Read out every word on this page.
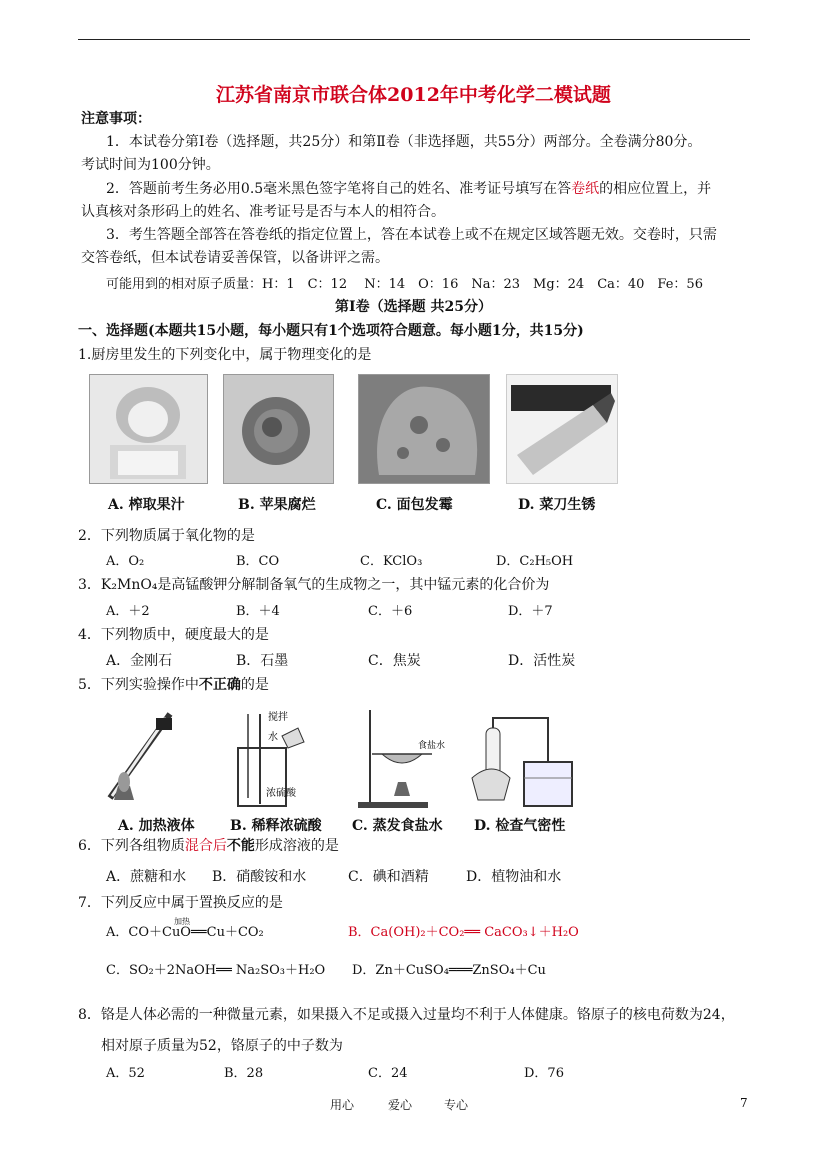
江苏省南京市联合体2012年中考化学二模试题
注意事项：
1．本试卷分第Ⅰ卷（选择题，共25分）和第Ⅱ卷（非选择题，共55分）两部分。全卷满分80分。
考试时间为100分钟。
2．答题前考生务必用0.5毫米黑色签字笔将自己的姓名、准考证号填写在答卷纸的相应位置上，并
认真核对条形码上的姓名、准考证号是否与本人的相符合。
3．考生答题全部答在答卷纸的指定位置上，答在本试卷上或不在规定区域答题无效。交卷时，只需
交答卷纸，但本试卷请妥善保管，以备讲评之需。
可能用到的相对原子质量：H：1　C：12　 N：14　O：16　Na：23　Mg：24　Ca：40　Fe：56
第Ⅰ卷（选择题 共25分）
一、选择题(本题共15小题，每小题只有1个选项符合题意。每小题1分，共15分)
1.厨房里发生的下列变化中，属于物理变化的是
A. 榨取果汁	B. 苹果腐烂	C. 面包发霉	D. 菜刀生锈
2．下列物质属于氧化物的是
A．O₂	B．CO	C．KClO₃	D．C₂H₅OH
3．K₂MnO₄是高锰酸钾分解制备氧气的生成物之一，其中锰元素的化合价为
A．＋2	B．＋4	C．＋6	D．＋7
4．下列物质中，硬度最大的是
A．金刚石	B．石墨	C．焦炭	D．活性炭
5．下列实验操作中不正确的是
搅拌
水
浓硫酸
食盐水
A. 加热液体	B. 稀释浓硫酸 C. 蒸发食盐水 D. 检查气密性
6．下列各组物质混合后不能形成溶液的是
A．蔗糖和水 B．硝酸铵和水	C．碘和酒精	D．植物油和水
7．下列反应中属于置换反应的是
A．CO＋CuO══Cu＋CO₂
加热
B．Ca(OH)₂＋CO₂══ CaCO₃↓＋H₂O
C．SO₂＋2NaOH══ Na₂SO₃＋H₂O D．Zn＋CuSO₄═══ZnSO₄＋Cu
8．铬是人体必需的一种微量元素，如果摄入不足或摄入过量均不利于人体健康。铬原子的核电荷数为24，
相对原子质量为52，铬原子的中子数为
A．52	B．28	C．24	D．76
用心	爱心	专心	7
